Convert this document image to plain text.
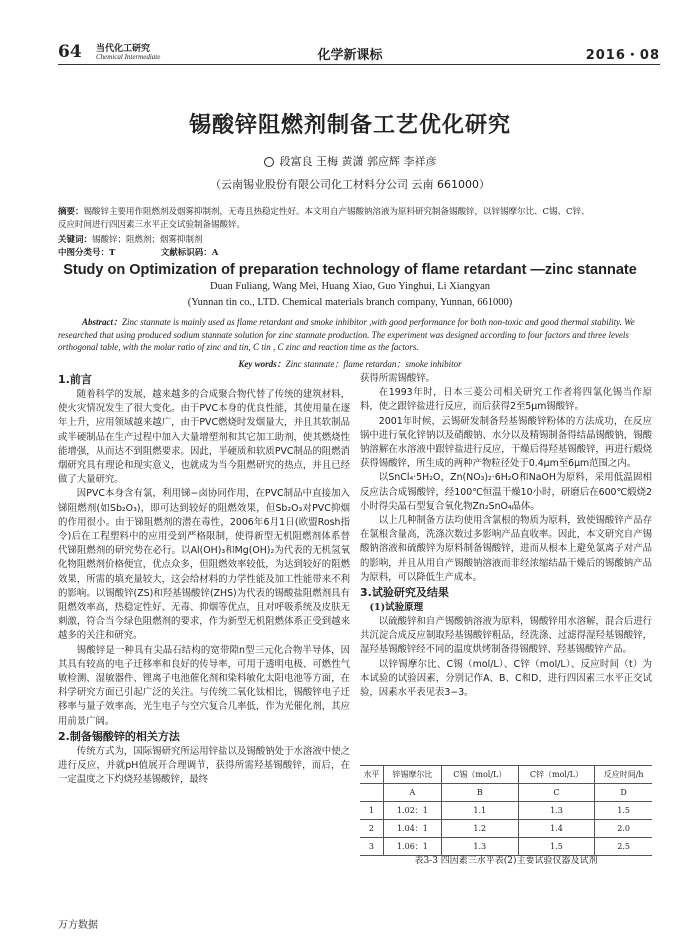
64 当代化工研究
Chemical Intermediate	化学新课标	2016・08
锡酸锌阻燃剂制备工艺优化研究
段富良 王梅 黄潇 郭应辉 李祥彦
（云南锡业股份有限公司化工材料分公司 云南 661000）
摘要：锡酸锌主要用作阻燃剂及烟雾抑制剂，无毒且热稳定性好。本文用自产锡酸钠溶液为原料研究制备锡酸锌，以锌锡摩尔比、C锡、C锌、
反应时间进行四因素三水平正交试验制备锡酸锌。
关键词：锡酸锌；阻燃剂；烟雾抑制剂
中图分类号：T	文献标识码：A
Study on Optimization of preparation technology of flame retardant —zinc stannate
Duan Fuliang, Wang Mei, Huang Xiao, Guo Yinghui, Li Xiangyan
(Yunnan tin co., LTD. Chemical materials branch company, Yunnan, 661000)
Abstract：Zinc stannate is mainly used as flame retardant and smoke inhibitor ,with good performance for both non-toxic and good thermal stability. We researched that using produced sodium stannate solution for zinc stannate production. The experiment was designed according to four factors and three levels orthogonal table, with the molar ratio of zinc and tin, C tin , C zinc and reaction time as the factors.
Key words：Zinc stannate；flame retardan；smoke inhibitor
1.前言

随着科学的发展，越来越多的合成聚合物代替了传统的建筑材料，使火灾情况发生了很大变化。由于PVC本身的优良性能，其使用量在逐年上升，应用领域越来越广，由于PVC燃烧时发烟量大，并且其软制品或半硬制品在生产过程中加入大量增塑剂和其它加工助剂，使其燃烧性能增强，从而达不到阻燃要求。因此，半硬质和软质PVC制品的阻燃消烟研究具有理论和现实意义，也就成为当今阻燃研究的热点，并且已经做了大量研究。

因PVC本身含有氯，利用锑−卤协同作用，在PVC制品中直接加入锑阻燃剂(如Sb₂O₃)，即可达到较好的阻燃效果，但Sb₂O₃对PVC抑烟的作用很小。由于锑阻燃剂的潜在毒性，2006年6月1日(欧盟Rosh指令)后在工程塑料中的应用受到严格限制，使得新型无机阻燃剂体系替代锑阻燃剂的研究势在必行。以Al(OH)₃和Mg(OH)₂为代表的无机氢氧化物阻燃剂价格便宜，优点众多，但阻燃效率较低，为达到较好的阻燃效果，所需的填充量较大，这会给材料的力学性能及加工性能带来不利的影响。以锡酸锌(ZS)和羟基锡酸锌(ZHS)为代表的锡酸盐阻燃剂具有阻燃效率高，热稳定性好、无毒、抑烟等优点，且对呼吸系统及皮肤无刺激，符合当今绿色阻燃剂的要求，作为新型无机阻燃体系正受到越来越多的关注和研究。

锡酸锌是一种具有尖晶石结构的宽带隙n型三元化合物半导体，因其具有较高的电子迁移率和良好的传导率，可用于透明电极、可燃性气敏检测、湿敏器件、锂离子电池催化剂和染料敏化太阳电池等方面，在科学研究方面已引起广泛的关注。与传统二氧化钛相比，锡酸锌电子迁移率与量子效率高，光生电子与空穴复合几率低，作为光催化剂，其应用前景广阔。

2.制备锡酸锌的相关方法

传统方式为，国际锡研究所运用锌盐以及锡酸钠处于水溶液中使之进行反应，并就pH值展开合理调节，获得所需羟基锡酸锌，而后，在一定温度之下灼烧羟基锡酸锌，最终

获得所需锡酸锌。

在1993年时，日本三菱公司相关研究工作者将四氯化锡当作原料，使之跟锌盐进行反应，而后获得2至5μm锡酸锌。

2001年时候，云锡研发制备羟基锡酸锌粉体的方法成功，在反应锅中进行氧化锌钠以及硝酸钠、水分以及精锡制备得结晶锡酸钠，锡酸钠溶解在水溶液中跟锌盐进行反应，干燥后得羟基锡酸锌，再进行煅烧获得锡酸锌，所生成的两种产物粒径处于0.4μm至6μm范围之内。

以SnCl₄·5H₂O，Zn(NO₃)₂·6H₂O和NaOH为原料，采用低温固相反应法合成锡酸锌，经100℃恒温干燥10小时，研磨后在600℃煅烧2小时得尖晶石型复合氧化物Zn₂SnO₄晶体。

以上几种制备方法均使用含氯根的物质为原料，致使锡酸锌产品存在氯根含量高，洗涤次数过多影响产品直收率。因此，本文研究自产锡酸钠溶液和硫酸锌为原料制备锡酸锌，进而从根本上避免氯离子对产品的影响，并且从用自产锡酸钠溶液而非经浓缩结晶干燥后的锡酸钠产品为原料，可以降低生产成本。

3.试验研究及结果
(1)试验原理

以硫酸锌和自产锡酸钠溶液为原料，锡酸锌用水溶解，混合后进行共沉淀合成反应制取羟基锡酸锌粗品，经洗涤、过滤得湿羟基锡酸锌，湿羟基锡酸锌经不同的温度烘烤制备得锡酸锌、羟基锡酸锌产品。

以锌锡摩尔比、C锡（mol/L）、C锌（mol/L）、反应时间（t）为本试验的试验因素，分别记作A、B、C和D，进行四因素三水平正交试验，因素水平表见表3−3。

水平	锌锡摩尔比	C锡（mol/L）	C锌（mol/L）	反应时间/h
	A	B	C	D
1	1.02：1	1.1	1.3	1.5
2	1.04：1	1.2	1.4	2.0
3	1.06：1	1.3	1.5	2.5
表3-3 四因素三水平表(2)主要试验仪器及试剂
万方数据
